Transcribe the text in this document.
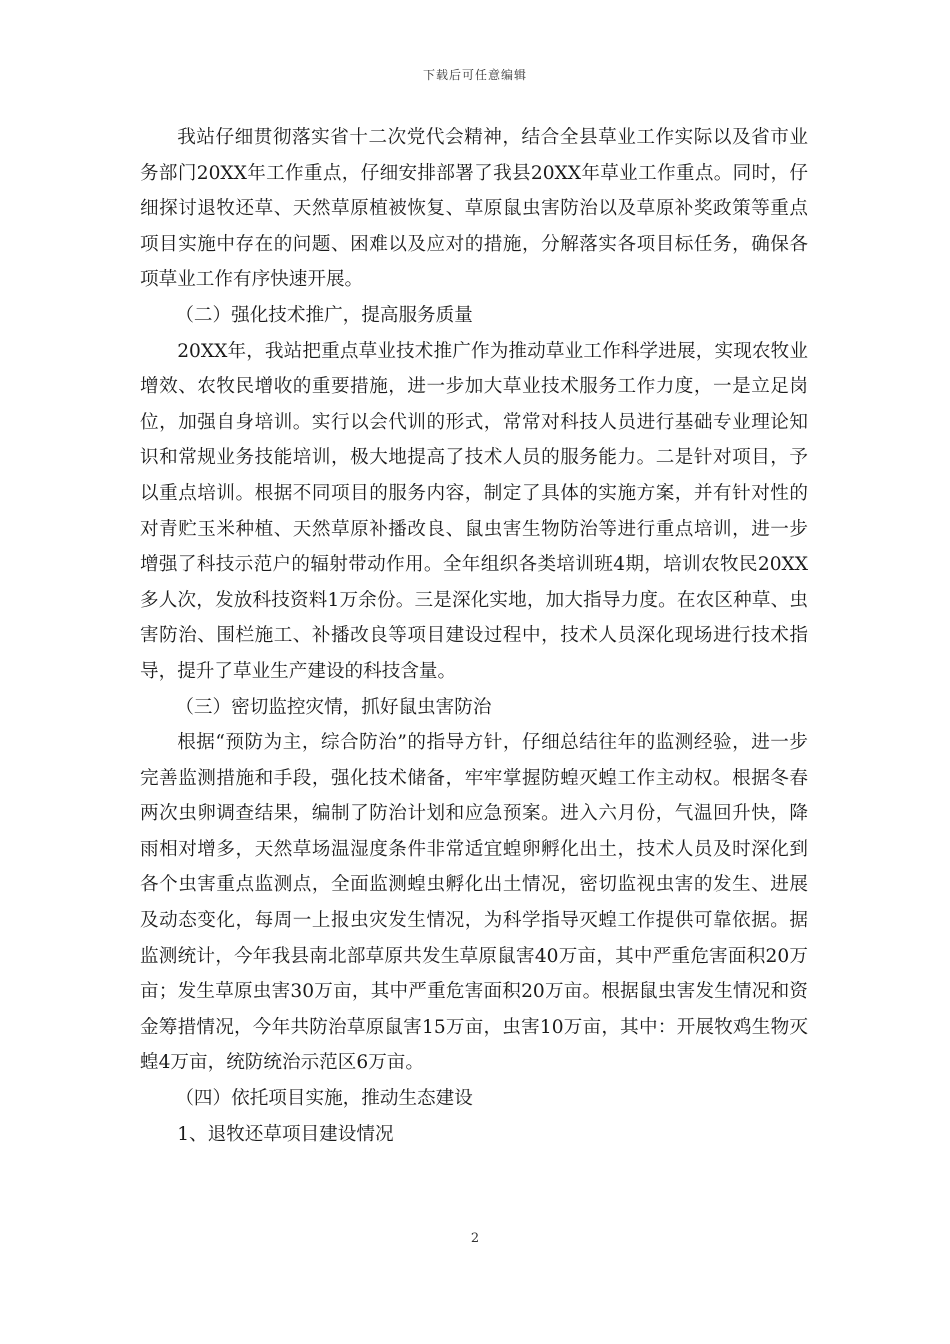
下载后可任意编辑

我站仔细贯彻落实省十二次党代会精神，结合全县草业工作实际以及省市业务部门20XX年工作重点，仔细安排部署了我县20XX年草业工作重点。同时，仔细探讨退牧还草、天然草原植被恢复、草原鼠虫害防治以及草原补奖政策等重点项目实施中存在的问题、困难以及应对的措施，分解落实各项目标任务，确保各项草业工作有序快速开展。

（二）强化技术推广，提高服务质量

20XX年，我站把重点草业技术推广作为推动草业工作科学进展，实现农牧业增效、农牧民增收的重要措施，进一步加大草业技术服务工作力度，一是立足岗位，加强自身培训。实行以会代训的形式，常常对科技人员进行基础专业理论知识和常规业务技能培训，极大地提高了技术人员的服务能力。二是针对项目，予以重点培训。根据不同项目的服务内容，制定了具体的实施方案，并有针对性的对青贮玉米种植、天然草原补播改良、鼠虫害生物防治等进行重点培训，进一步增强了科技示范户的辐射带动作用。全年组织各类培训班4期，培训农牧民20XX多人次，发放科技资料1万余份。三是深化实地，加大指导力度。在农区种草、虫害防治、围栏施工、补播改良等项目建设过程中，技术人员深化现场进行技术指导，提升了草业生产建设的科技含量。

（三）密切监控灾情，抓好鼠虫害防治

根据“预防为主，综合防治”的指导方针，仔细总结往年的监测经验，进一步完善监测措施和手段，强化技术储备，牢牢掌握防蝗灭蝗工作主动权。根据冬春两次虫卵调查结果，编制了防治计划和应急预案。进入六月份，气温回升快，降雨相对增多，天然草场温湿度条件非常适宜蝗卵孵化出土，技术人员及时深化到各个虫害重点监测点，全面监测蝗虫孵化出土情况，密切监视虫害的发生、进展及动态变化，每周一上报虫灾发生情况，为科学指导灭蝗工作提供可靠依据。据监测统计，今年我县南北部草原共发生草原鼠害40万亩，其中严重危害面积20万亩；发生草原虫害30万亩，其中严重危害面积20万亩。根据鼠虫害发生情况和资金筹措情况，今年共防治草原鼠害15万亩，虫害10万亩，其中：开展牧鸡生物灭蝗4万亩，统防统治示范区6万亩。

（四）依托项目实施，推动生态建设

1、退牧还草项目建设情况

2
